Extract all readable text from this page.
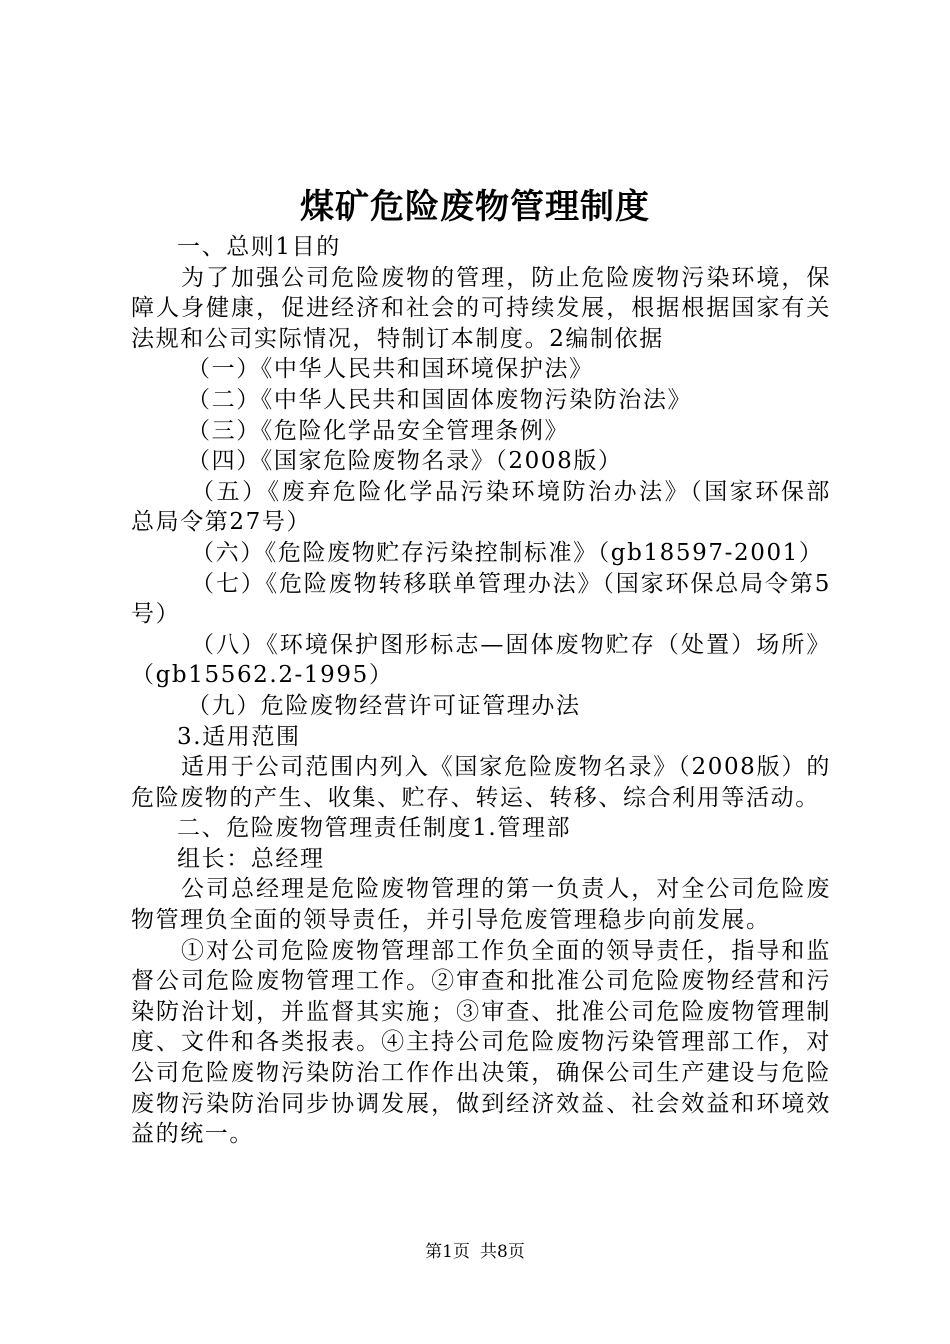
煤矿危险废物管理制度

一、总则1目的

为了加强公司危险废物的管理，防止危险废物污染环境，保障人身健康，促进经济和社会的可持续发展，根据根据国家有关法规和公司实际情况，特制订本制度。2编制依据

（一）《中华人民共和国环境保护法》

（二）《中华人民共和国固体废物污染防治法》

（三）《危险化学品安全管理条例》

（四）《国家危险废物名录》（2008版）

（五）《废弃危险化学品污染环境防治办法》（国家环保部总局令第27号）

（六）《危险废物贮存污染控制标准》（gb18597-2001）

（七）《危险废物转移联单管理办法》（国家环保总局令第5号）

（八）《环境保护图形标志—固体废物贮存（处置）场所》（gb15562.2-1995）

（九）危险废物经营许可证管理办法

3.适用范围

适用于公司范围内列入《国家危险废物名录》（2008版）的危险废物的产生、收集、贮存、转运、转移、综合利用等活动。

二、危险废物管理责任制度1.管理部

组长：总经理

公司总经理是危险废物管理的第一负责人，对全公司危险废物管理负全面的领导责任，并引导危废管理稳步向前发展。

①对公司危险废物管理部工作负全面的领导责任，指导和监督公司危险废物管理工作。②审查和批准公司危险废物经营和污染防治计划，并监督其实施；③审查、批准公司危险废物管理制度、文件和各类报表。④主持公司危险废物污染管理部工作，对公司危险废物污染防治工作作出决策，确保公司生产建设与危险废物污染防治同步协调发展，做到经济效益、社会效益和环境效益的统一。

第1页 共8页
